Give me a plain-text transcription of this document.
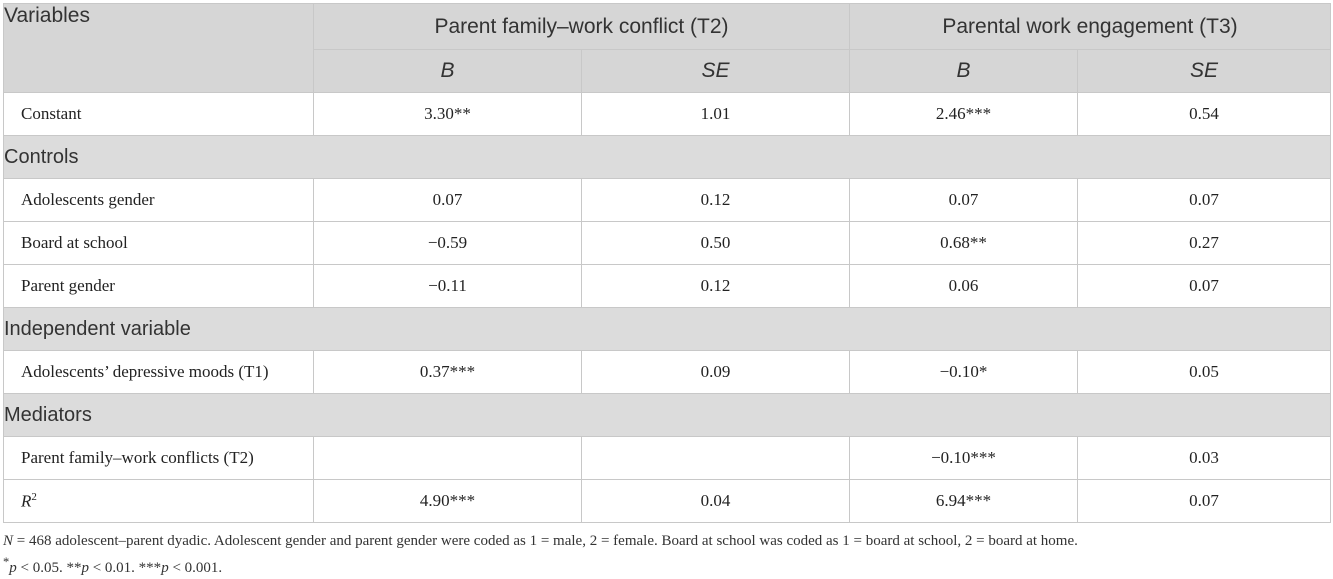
Variables	Parent family–work conflict (T2)		Parental work engagement (T3)	
	B	SE	B	SE
Constant	3.30**	1.01	2.46***	0.54
Controls				
Adolescents gender	0.07	0.12	0.07	0.07
Board at school	−0.59	0.50	0.68**	0.27
Parent gender	−0.11	0.12	0.06	0.07
Independent variable				
Adolescents’ depressive moods (T1)	0.37***	0.09	−0.10*	0.05
Mediators				
Parent family–work conflicts (T2)			−0.10***	0.03
$R^2$	4.90***	0.04	6.94***	0.07
N = 468 adolescent–parent dyadic. Adolescent gender and parent gender were coded as 1 = male, 2 = female. Board at school was coded as 1 = board at school, 2 = board at home.
*p < 0.05. **p < 0.01. ***p < 0.001.
